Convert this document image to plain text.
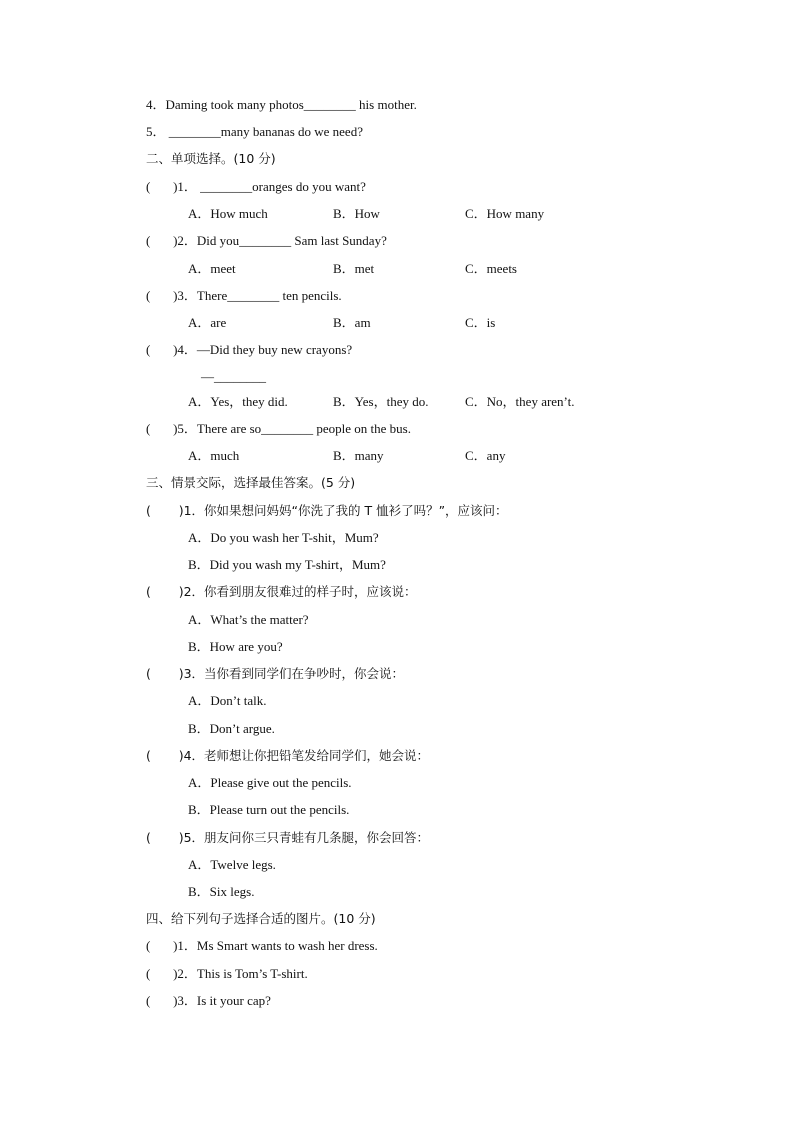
4．Daming took many photos________ his mother.
5． ________many bananas do we need?
二、单项选择。(10 分)
(       )1． ________oranges do you want?
A．How much	B．How	C．How many
(       )2．Did you________ Sam last Sunday?
A．meet	B．met	C．meets
(       )3．There________ ten pencils.
A．are	B．am	C．is
(       )4．—Did they buy new crayons?
—________
A．Yes，they did.	B．Yes，they do.	C．No，they aren’t.
(       )5．There are so________ people on the bus.
A．much	B．many	C．any
三、情景交际，选择最佳答案。(5 分)
(       )1．你如果想问妈妈“你洗了我的 T 恤衫了吗？”，应该问：
A．Do you wash her T-shit，Mum?
B．Did you wash my T-shirt，Mum?
(       )2．你看到朋友很难过的样子时，应该说：
A．What’s the matter?
B．How are you?
(       )3．当你看到同学们在争吵时，你会说：
A．Don’t talk.
B．Don’t argue.
(       )4．老师想让你把铅笔发给同学们，她会说：
A．Please give out the pencils.
B．Please turn out the pencils.
(       )5．朋友问你三只青蛙有几条腿，你会回答：
A．Twelve legs.
B．Six legs.
四、给下列句子选择合适的图片。(10 分)
(       )1．Ms Smart wants to wash her dress.
(       )2．This is Tom’s T-shirt.
(       )3．Is it your cap?
